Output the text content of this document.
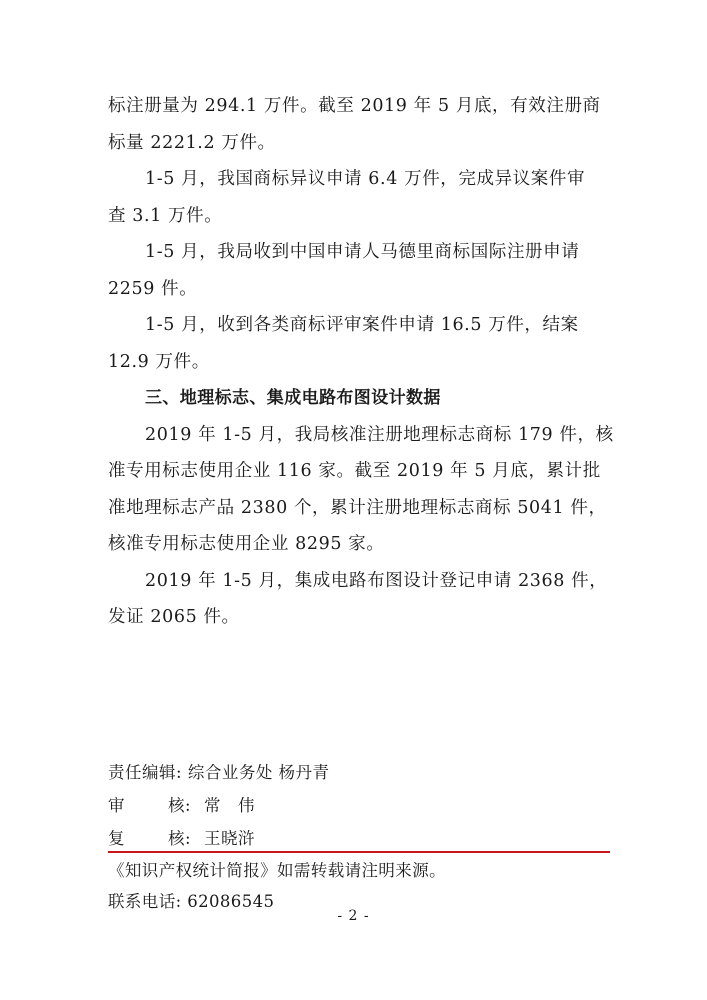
标注册量为 294.1 万件。截至 2019 年 5 月底，有效注册商
标量 2221.2 万件。
1-5 月，我国商标异议申请 6.4 万件，完成异议案件审
查 3.1 万件。
1-5 月，我局收到中国申请人马德里商标国际注册申请
2259 件。
1-5 月，收到各类商标评审案件申请 16.5 万件，结案
12.9 万件。
三、地理标志、集成电路布图设计数据
2019 年 1-5 月，我局核准注册地理标志商标 179 件，核
准专用标志使用企业 116 家。截至 2019 年 5 月底，累计批
准地理标志产品 2380 个，累计注册地理标志商标 5041 件，
核准专用标志使用企业 8295 家。
2019 年 1-5 月，集成电路布图设计登记申请 2368 件，
发证 2065 件。
责任编辑: 综合业务处 杨丹青
审	核: 常　伟
复	核: 王晓浒
《知识产权统计简报》如需转载请注明来源。
联系电话: 62086545
- 2 -
